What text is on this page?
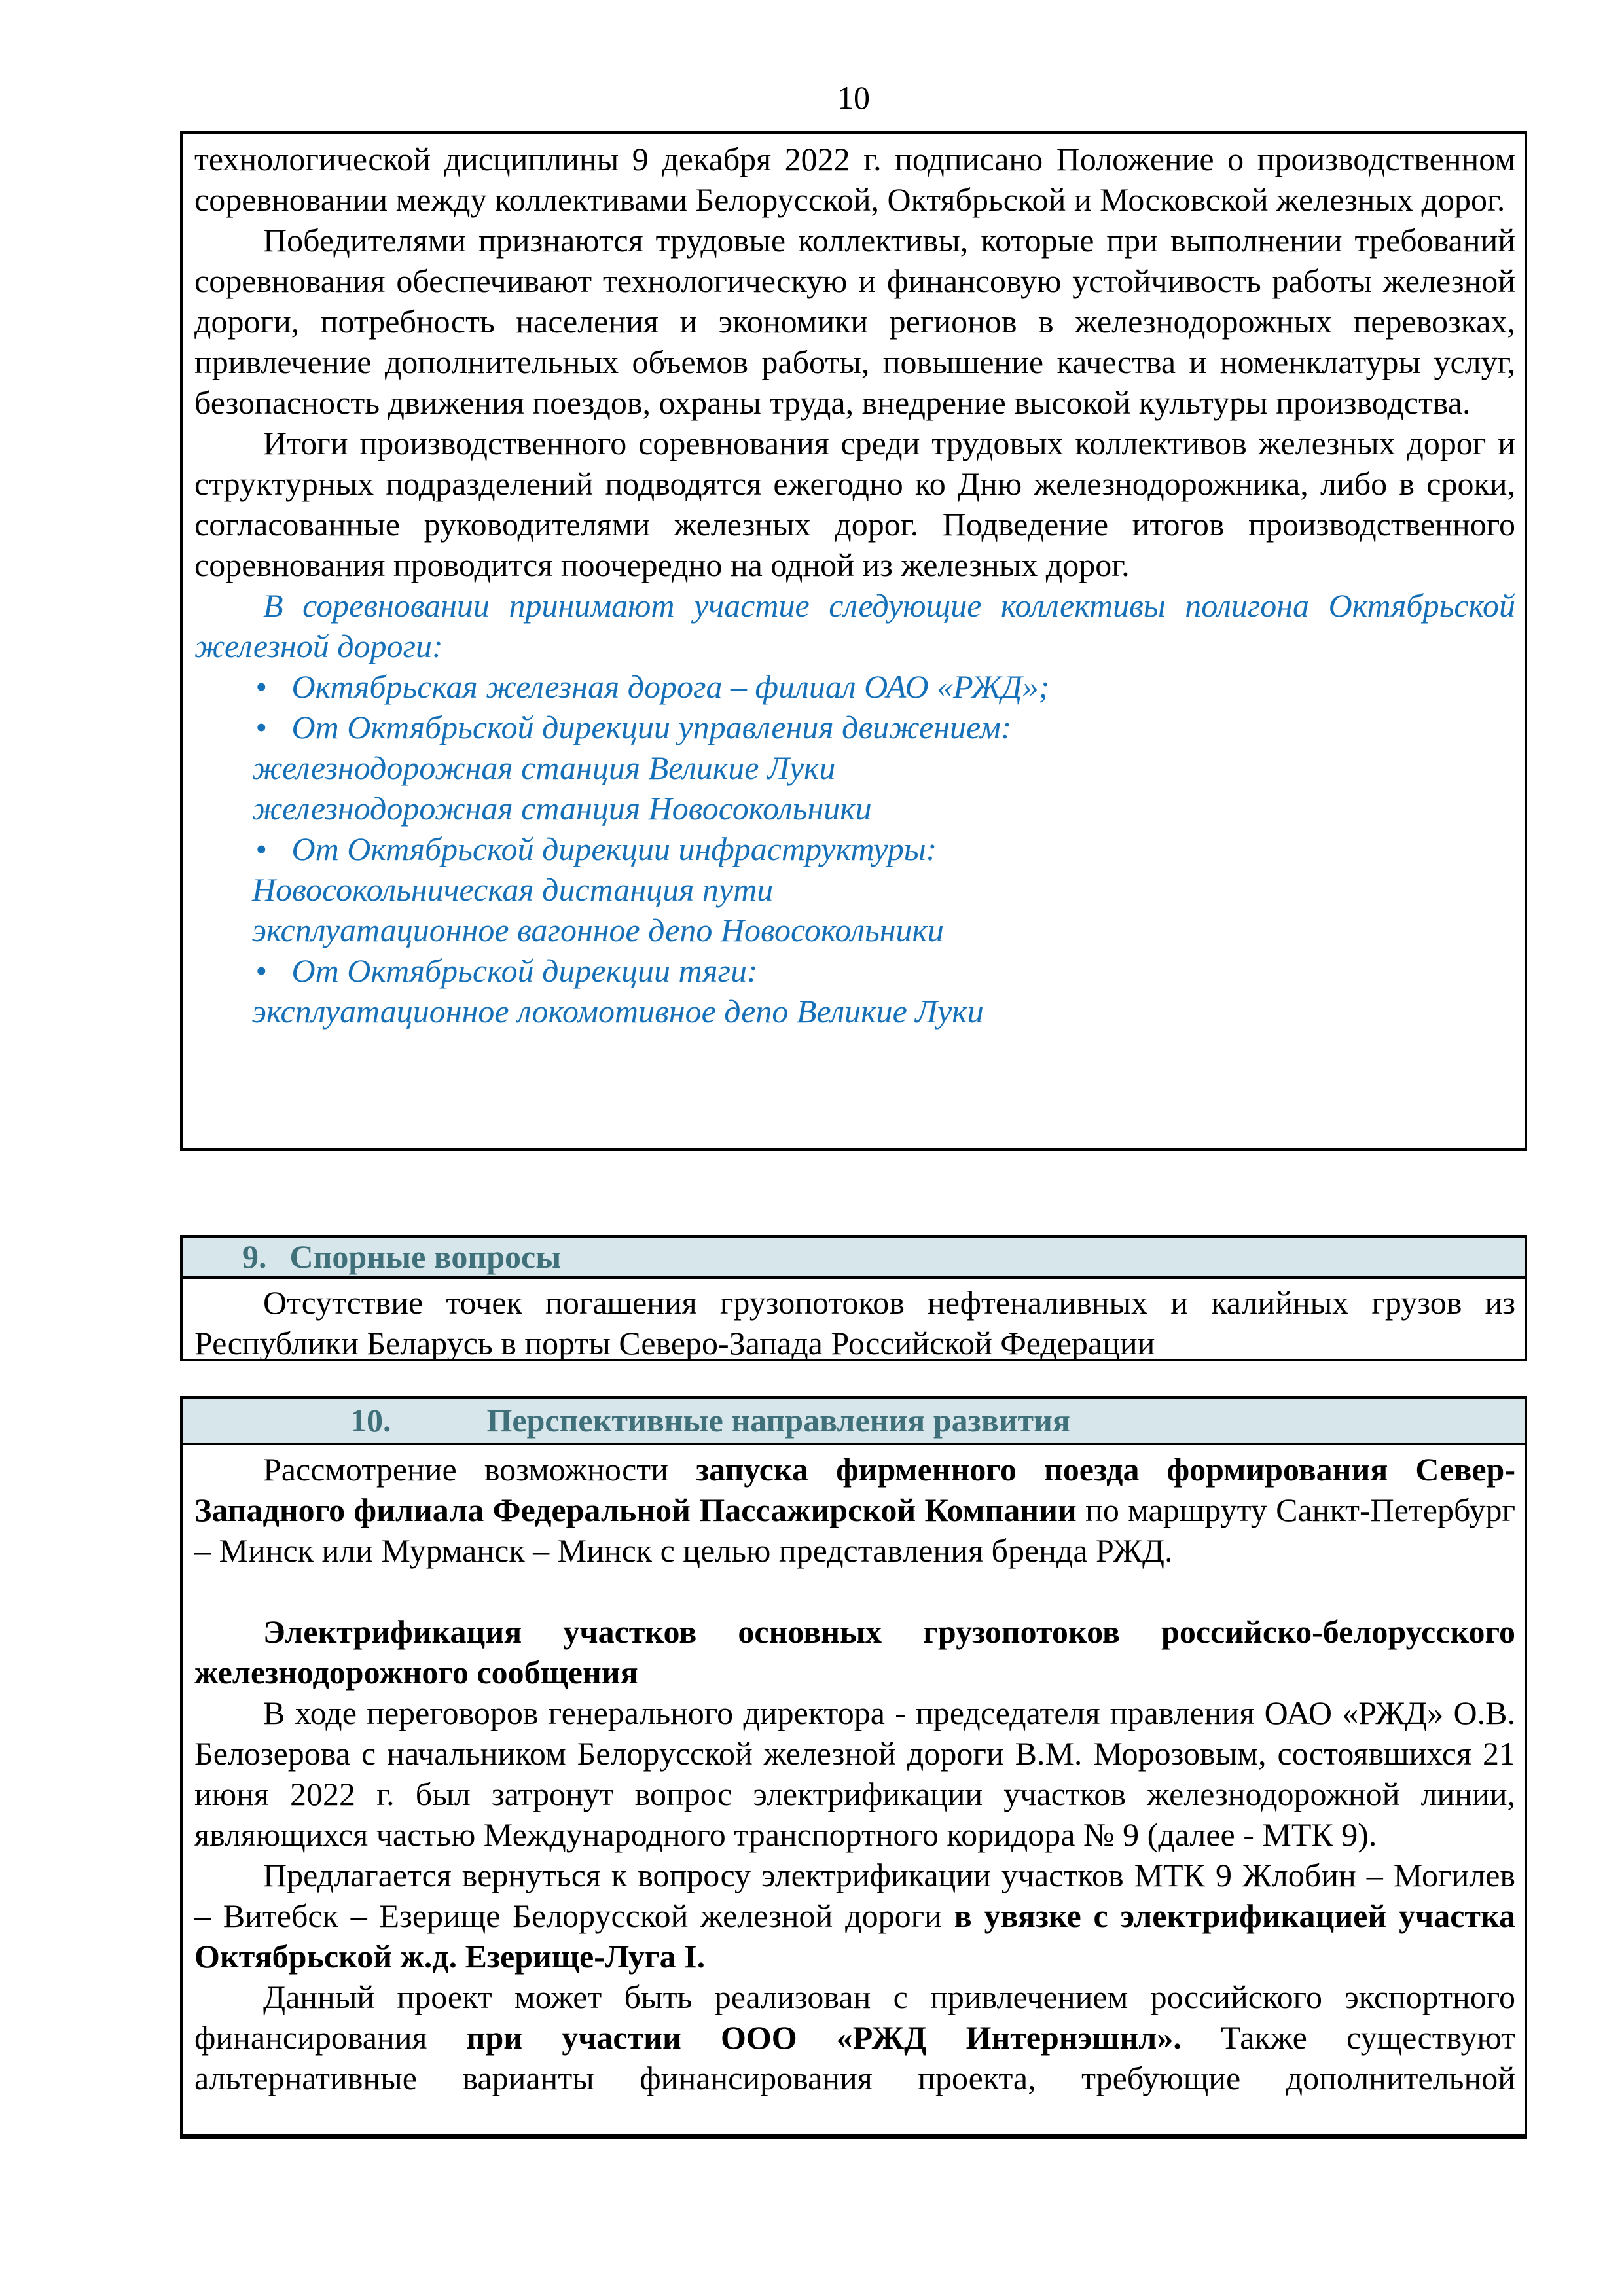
10

технологической дисциплины 9 декабря 2022 г. подписано Положение о производственном соревновании между коллективами Белорусской, Октябрьской и Московской железных дорог.

Победителями признаются трудовые коллективы, которые при выполнении требований соревнования обеспечивают технологическую и финансовую устойчивость работы железной дороги, потребность населения и экономики регионов в железнодорожных перевозках, привлечение дополнительных объемов работы, повышение качества и номенклатуры услуг, безопасность движения поездов, охраны труда, внедрение высокой культуры производства.

Итоги производственного соревнования среди трудовых коллективов железных дорог и структурных подразделений подводятся ежегодно ко Дню железнодорожника, либо в сроки, согласованные руководителями железных дорог. Подведение итогов производственного соревнования проводится поочередно на одной из железных дорог.

В соревновании принимают участие следующие коллективы полигона Октябрьской железной дороги:

• Октябрьская железная дорога – филиал ОАО «РЖД»;
• От Октябрьской дирекции управления движением:
железнодорожная станция Великие Луки
железнодорожная станция Новосокольники
• От Октябрьской дирекции инфраструктуры:
Новосокольническая дистанция пути
эксплуатационное вагонное депо Новосокольники
• От Октябрьской дирекции тяги:
эксплуатационное локомотивное депо Великие Луки
9. Спорные вопросы

Отсутствие точек погашения грузопотоков нефтеналивных и калийных грузов из Республики Беларусь в порты Северо-Запада Российской Федерации

10.	Перспективные направления развития

Рассмотрение возможности запуска фирменного поезда формирования Север-Западного филиала Федеральной Пассажирской Компании по маршруту Санкт-Петербург – Минск или Мурманск – Минск с целью представления бренда РЖД.

Электрификация участков основных грузопотоков российско-белорусского железнодорожного сообщения

В ходе переговоров генерального директора - председателя правления ОАО «РЖД» О.В. Белозерова с начальником Белорусской железной дороги В.М. Морозовым, состоявшихся 21 июня 2022 г. был затронут вопрос электрификации участков железнодорожной линии, являющихся частью Международного транспортного коридора № 9 (далее - МТК 9).

Предлагается вернуться к вопросу электрификации участков МТК 9 Жлобин – Могилев – Витебск – Езерище Белорусской железной дороги в увязке с электрификацией участка Октябрьской ж.д. Езерище-Луга I.

Данный проект может быть реализован с привлечением российского экспортного финансирования при участии ООО «РЖД Интернэшнл». Также существуют альтернативные варианты финансирования проекта, требующие дополнительной
